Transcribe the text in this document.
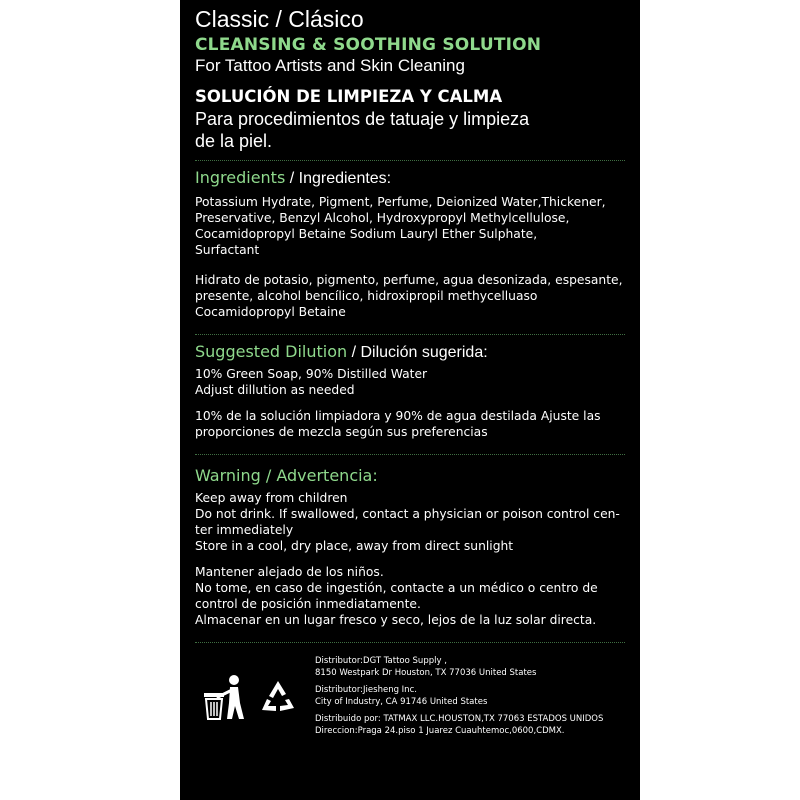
Classic / Clásico
CLEANSING & SOOTHING SOLUTION
For Tattoo Artists and Skin Cleaning
SOLUCIÓN DE LIMPIEZA Y CALMA
Para procedimientos de tatuaje y limpieza
de la piel.
Ingredients / Ingredientes:
Potassium Hydrate, Pigment, Perfume, Deionized Water,Thickener,
Preservative, Benzyl Alcohol, Hydroxypropyl Methylcellulose,
Cocamidopropyl Betaine Sodium Lauryl Ether Sulphate,
Surfactant
Hidrato de potasio, pigmento, perfume, agua desonizada, espesante,
presente, alcohol bencílico, hidroxipropil methycelluaso
Cocamidopropyl Betaine
Suggested Dilution / Dilución sugerida:
10% Green Soap, 90% Distilled Water
Adjust dillution as needed
10% de la solución limpiadora y 90% de agua destilada Ajuste las
proporciones de mezcla según sus preferencias
Warning / Advertencia:
Keep away from children
Do not drink. If swallowed, contact a physician or poison control cen-
ter immediately
Store in a cool, dry place, away from direct sunlight
Mantener alejado de los niños.
No tome, en caso de ingestión, contacte a un médico o centro de
control de posición inmediatamente.
Almacenar en un lugar fresco y seco, lejos de la luz solar directa.

Distributor:DGT Tattoo Supply ,
8150 Westpark Dr Houston, TX 77036 United States

Distributor:Jiesheng Inc.
City of Industry, CA 91746 United States

Distribuido por: TATMAX LLC.HOUSTON,TX 77063 ESTADOS UNIDOS
Direccion:Praga 24.piso 1 Juarez Cuauhtemoc,0600,CDMX.
